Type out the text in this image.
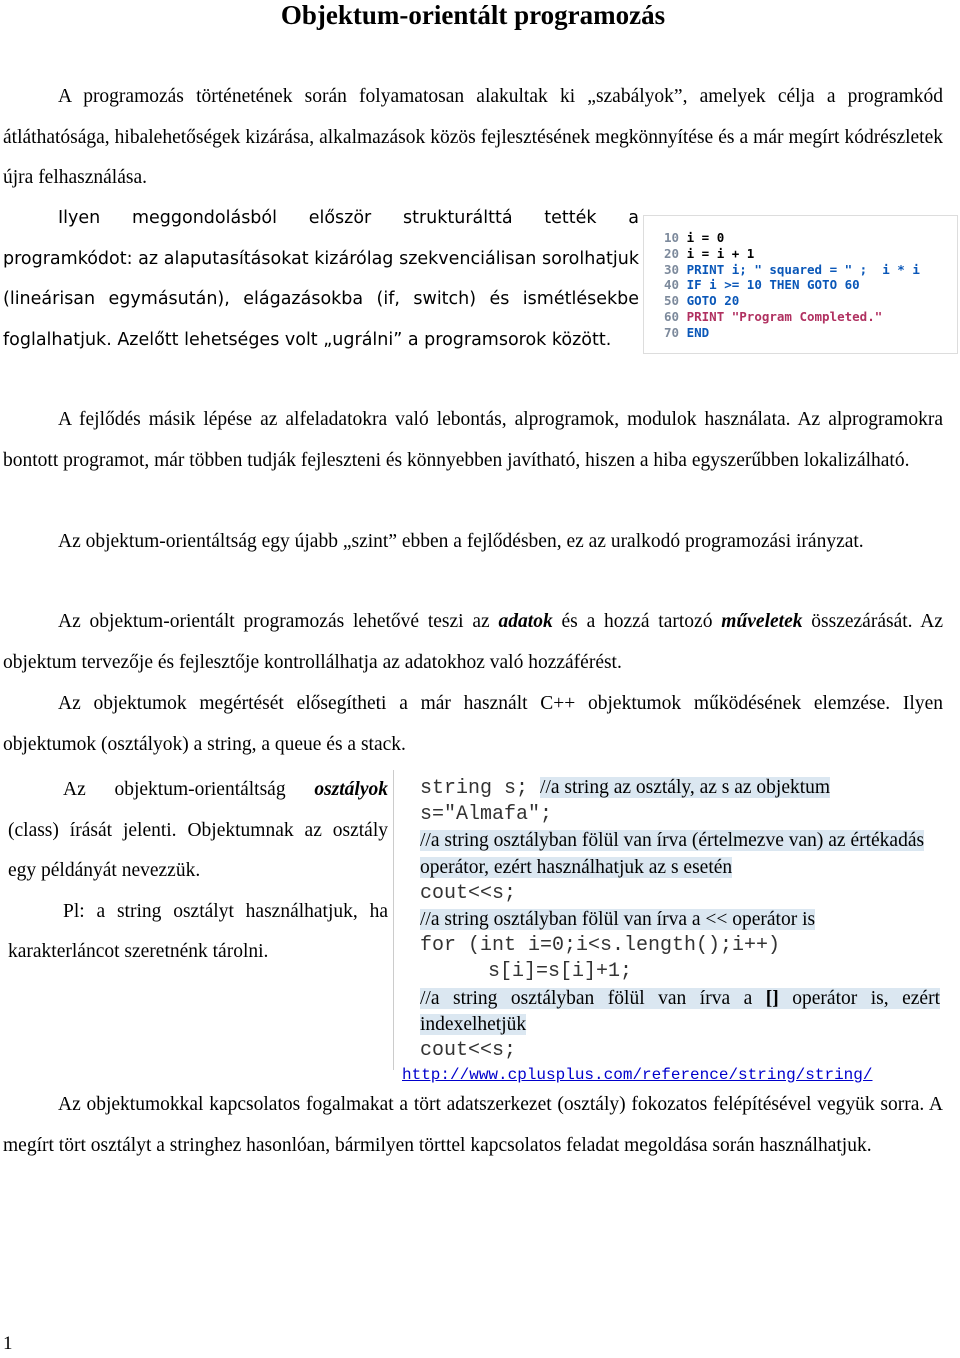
Objektum-orientált programozás
A programozás történetének során folyamatosan alakultak ki „szabályok”, amelyek célja a programkód átláthatósága, hibalehetőségek kizárása, alkalmazások közös fejlesztésének megkönnyítése és a már megírt kódrészletek újra felhasználása.
Ilyen meggondolásból először strukturálttá tették a programkódot: az alaputasításokat kizárólag szekvenciálisan sorolhatjuk (lineárisan egymásután), elágazásokba (if, switch) és ismétlésekbe foglalhatjuk. Azelőtt lehetséges volt „ugrálni” a programsorok között.
10 i = 0
20 i = i + 1
30 PRINT i; " squared = " ;  i * i
40 IF i >= 10 THEN GOTO 60
50 GOTO 20
60 PRINT "Program Completed."
70 END
A fejlődés másik lépése az alfeladatokra való lebontás, alprogramok, modulok használata. Az alprogramokra bontott programot, már többen tudják fejleszteni és könnyebben javítható, hiszen a hiba egyszerűbben lokalizálható.
Az objektum-orientáltság egy újabb „szint” ebben a fejlődésben, ez az uralkodó programozási irányzat.
Az objektum-orientált programozás lehetővé teszi az adatok és a hozzá tartozó műveletek összezárását. Az objektum tervezője és fejlesztője kontrollálhatja az adatokhoz való hozzáférést.
Az objektumok megértését elősegítheti a már használt C++ objektumok működésének elemzése. Ilyen objektumok (osztályok) a string, a queue és a stack.
Az objektum-orientáltság osztályok (class) írását jelenti. Objektumnak az osztály egy példányát nevezzük.
Pl: a string osztályt használhatjuk, ha karakterláncot szeretnénk tárolni.
string s; //a string az osztály, az s az objektum
s="Almafa";
//a string osztályban fölül van írva (értelmezve van) az értékadás operátor, ezért használhatjuk az s esetén
cout<<s;
//a string osztályban fölül van írva a << operátor is
for (int i=0;i<s.length();i++)
s[i]=s[i]+1;
//a string osztályban fölül van írva a [] operátor is, ezért indexelhetjük
cout<<s;
http://www.cplusplus.com/reference/string/string/
Az objektumokkal kapcsolatos fogalmakat a tört adatszerkezet (osztály) fokozatos felépítésével vegyük sorra. A megírt tört osztályt a stringhez hasonlóan, bármilyen törttel kapcsolatos feladat megoldása során használhatjuk.
1
